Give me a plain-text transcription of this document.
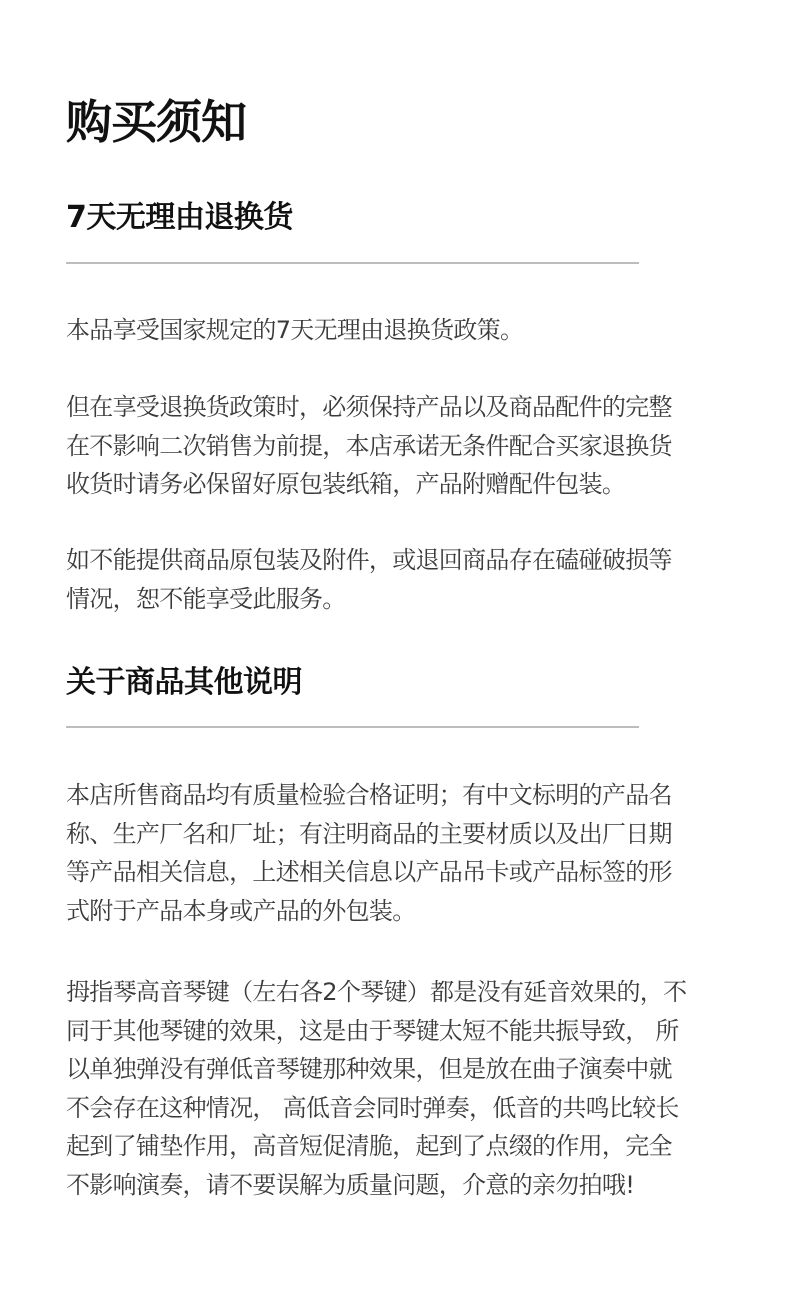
购买须知
7天无理由退换货

本品享受国家规定的7天无理由退换货政策。

但在享受退换货政策时，必须保持产品以及商品配件的完整
在不影响二次销售为前提，本店承诺无条件配合买家退换货
收货时请务必保留好原包装纸箱，产品附赠配件包装。

如不能提供商品原包装及附件，或退回商品存在磕碰破损等
情况，恕不能享受此服务。

关于商品其他说明

本店所售商品均有质量检验合格证明；有中文标明的产品名
称、生产厂名和厂址；有注明商品的主要材质以及出厂日期
等产品相关信息，上述相关信息以产品吊卡或产品标签的形
式附于产品本身或产品的外包装。

拇指琴高音琴键（左右各2个琴键）都是没有延音效果的，不
同于其他琴键的效果，这是由于琴键太短不能共振导致， 所
以单独弹没有弹低音琴键那种效果，但是放在曲子演奏中就
不会存在这种情况， 高低音会同时弹奏，低音的共鸣比较长
起到了铺垫作用，高音短促清脆，起到了点缀的作用，完全
不影响演奏，请不要误解为质量问题，介意的亲勿拍哦!
